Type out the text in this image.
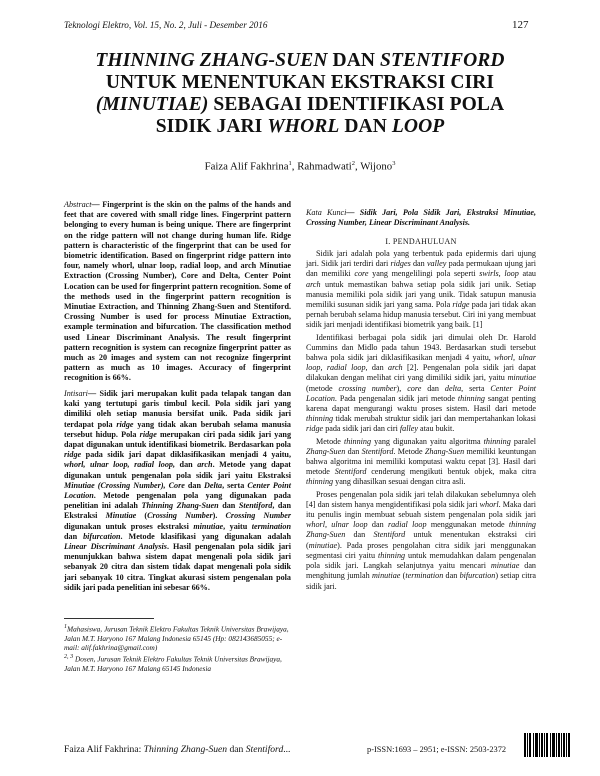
Teknologi Elektro, Vol. 15, No. 2, Juli - Desember 2016	127
THINNING ZHANG-SUEN DAN STENTIFORD
UNTUK MENENTUKAN EKSTRAKSI CIRI
(MINUTIAE) SEBAGAI IDENTIFIKASI POLA
SIDIK JARI WHORL DAN LOOP
Faiza Alif Fakhrina$^1$, Rahmadwati$^2$, Wijono$^3$
Abstract— Fingerprint is the skin on the palms of the hands and feet that are covered with small ridge lines. Fingerprint pattern belonging to every human is being unique. There are fingerprint on the ridge pattern will not change during human life. Ridge pattern is characteristic of the fingerprint that can be used for biometric identification. Based on fingerprint ridge pattern into four, namely whorl, ulnar loop, radial loop, and arch Minutiae Extraction (Crossing Number), Core and Delta, Center Point Location can be used for fingerprint pattern recognition. Some of the methods used in the fingerprint pattern recognition is Minutiae Extraction, and Thinning Zhang-Suen and Stentiford. Crossing Number is used for process Minutiae Extraction, example termination and bifurcation. The classification method used Linear Discriminant Analysis. The result fingerprint pattern recognition is system can recognize fingerprint patter as much as 20 images and system can not recognize fingerprint pattern as much as 10 images. Accuracy of fingerprint recognition is 66%.
Intisari— Sidik jari merupakan kulit pada telapak tangan dan kaki yang tertutupi garis timbul kecil. Pola sidik jari yang dimiliki oleh setiap manusia bersifat unik. Pada sidik jari terdapat pola ridge yang tidak akan berubah selama manusia tersebut hidup. Pola ridge merupakan ciri pada sidik jari yang dapat digunakan untuk identifikasi biometrik. Berdasarkan pola ridge pada sidik jari dapat diklasifikasikan menjadi 4 yaitu, whorl, ulnar loop, radial loop, dan arch. Metode yang dapat digunakan untuk pengenalan pola sidik jari yaitu Ekstraksi Minutiae (Crossing Number), Core dan Delta, serta Center Point Location. Metode pengenalan pola yang digunakan pada penelitian ini adalah Thinning Zhang-Suen dan Stentiford, dan Ekstraksi Minutiae (Crossing Number). Crossing Number digunakan untuk proses ekstraksi minutiae, yaitu termination dan bifurcation. Metode klasifikasi yang digunakan adalah Linear Discriminant Analysis. Hasil pengenalan pola sidik jari menunjukkan bahwa sistem dapat mengenali pola sidik jari sebanyak 20 citra dan sistem tidak dapat mengenali pola sidik jari sebanyak 10 citra. Tingkat akurasi sistem pengenalan pola sidik jari pada penelitian ini sebesar 66%.

$^1$Mahasiswa, Jurusan Teknik Elektro Fakultas Teknik Universitas Brawijaya, Jalan M.T. Haryono 167 Malang Indonesia 65145 (Hp: 082143685055; e-mail: alif.fakhrina@gmail.com)

$^{2, 3}$ Dosen, Jurusan Teknik Elektro Fakultas Teknik Universitas Brawijaya, Jalan M.T. Haryono 167 Malang 65145 Indonesia

Kata Kunci— Sidik Jari, Pola Sidik Jari, Ekstraksi Minutiae, Crossing Number, Linear Discriminant Analysis.
I. PENDAHULUAN

Sidik jari adalah pola yang terbentuk pada epidermis dari ujung jari. Sidik jari terdiri dari ridges dan valley pada permukaan ujung jari dan memiliki core yang mengelilingi pola seperti swirls, loop atau arch untuk memastikan bahwa setiap pola sidik jari unik. Setiap manusia memiliki pola sidik jari yang unik. Tidak satupun manusia memiliki susunan sidik jari yang sama. Pola ridge pada jari tidak akan pernah berubah selama hidup manusia tersebut. Ciri ini yang membuat sidik jari menjadi identifikasi biometrik yang baik. [1]

Identifikasi berbagai pola sidik jari dimulai oleh Dr. Harold Cummins dan Midlo pada tahun 1943. Berdasarkan studi tersebut bahwa pola sidik jari diklasifikasikan menjadi 4 yaitu, whorl, ulnar loop, radial loop, dan arch [2]. Pengenalan pola sidik jari dapat dilakukan dengan melihat ciri yang dimiliki sidik jari, yaitu minutiae (metode crossing number), core dan delta, serta Center Point Location. Pada pengenalan sidik jari metode thinning sangat penting karena dapat mengurangi waktu proses sistem. Hasil dari metode thinning tidak merubah struktur sidik jari dan mempertahankan lokasi ridge pada sidik jari dan ciri falley atau bukit.

Metode thinning yang digunakan yaitu algoritma thinning paralel Zhang-Suen dan Stentiford. Metode Zhang-Suen memiliki keuntungan bahwa algoritma ini memiliki komputasi waktu cepat [3]. Hasil dari metode Stentiford cenderung mengikuti bentuk objek, maka citra thinning yang dihasilkan sesuai dengan citra asli.

Proses pengenalan pola sidik jari telah dilakukan sebelumnya oleh [4] dan sistem hanya mengidentifikasi pola sidik jari whorl. Maka dari itu penulis ingin membuat sebuah sistem pengenalan pola sidik jari whorl, ulnar loop dan radial loop menggunakan metode thinning Zhang-Suen dan Stentiford untuk menentukan ekstraksi ciri (minutiae). Pada proses pengolahan citra sidik jari menggunakan segmentasi ciri yaitu thinning untuk memudahkan dalam pengenalan pola sidik jari. Langkah selanjutnya yaitu mencari minutiae dan menghitung jumlah minutiae (termination dan bifurcation) setiap citra sidik jari.

Faiza Alif Fakhrina: Thinning Zhang-Suen dan Stentiford...	p-ISSN:1693 – 2951; e-ISSN: 2503-2372
